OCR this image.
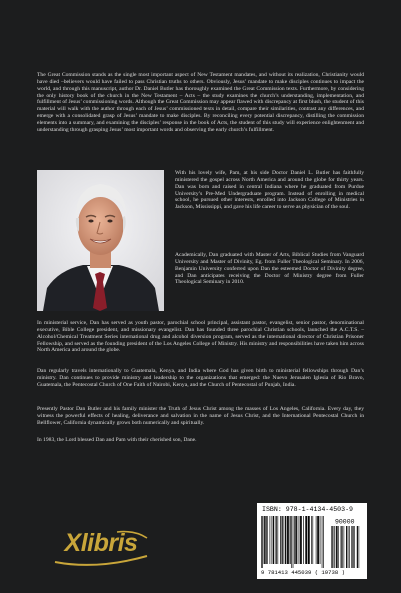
The Great Commission stands as the single most important aspect of New Testament mandates, and without its realization, Christianity would have died –believers would have failed to pass Christian truths to others. Obviously, Jesus’ mandate to make disciples continues to impact the world, and through this manuscript, author Dr. Daniel Butler has thoroughly examined the Great Commission texts. Furthermore, by considering the only history book of the church in the New Testament – Acts – the study examines the church’s understanding, implementation, and fulfillment of Jesus’ commissioning words. Although the Great Commission may appear flawed with discrepancy at first blush, the student of this material will walk with the author through each of Jesus’ commissioned texts in detail, compare their similarities, contrast any differences, and emerge with a consolidated grasp of Jesus’ mandate to make disciples. By reconciling every potential discrepancy, distilling the commission elements into a summary, and examining the disciples’ response in the book of Acts, the student of this study will experience enlightenment and understanding through grasping Jesus’ most important words and observing the early church’s fulfillment.

With his lovely wife, Pam, at his side Doctor Daniel L. Butler has faithfully ministered the gospel across North America and around the globe for thirty years. Dan was born and raised in central Indiana where he graduated from Purdue University’s Pre-Med Undergraduate program. Instead of enrolling in medical school, he pursued other interests, enrolled into Jackson College of Ministries in Jackson, Mississippi, and gave his life career to serve as physician of the soul.

Academically, Dan graduated with Master of Arts, Biblical Studies from Vanguard University and Master of Divinity, Eg. from Fuller Theological Seminary. In 2006, Benjamin University conferred upon Dan the esteemed Doctor of Divinity degree, and Dan anticipates receiving the Doctor of Ministry degree from Fuller Theological Seminary in 2010.

In ministerial service, Dan has served as youth pastor, parochial school principal, assistant pastor, evangelist, senior pastor, denominational executive, Bible College president, and missionary evangelist. Dan has founded three parochial Christian schools, launched the A.C.T.S. – Alcohol/Chemical Treatment Series international drug and alcohol diversion program, served as the international director of Christian Prisoner Fellowship, and served as the founding president of the Los Angeles College of Ministry. His ministry and responsibilities have taken him across North America and around the globe.

Dan regularly travels internationally to Guatemala, Kenya, and India where God has given birth to ministerial fellowships through Dan’s ministry. Dan continues to provide ministry and leadership to the organizations that emerged: the Nuevo Jerusalen Iglesia of Rio Bravo, Guatemala, the Pentecostal Church of One Faith of Nairobi, Kenya, and the Church of Pentecostal of Punjab, India.

Presently Pastor Dan Butler and his family minister the Truth of Jesus Christ among the masses of Los Angeles, California. Every day, they witness the powerful effects of healing, deliverance and salvation in the name of Jesus Christ, and the International Pentecostal Church in Bellflower, California dynamically grows both numerically and spiritually.

In 1983, the Lord blessed Dan and Pam with their cherished son, Dane.

Xlibris
ISBN: 978-1-4134-4503-9
90000
9 781413 445039 ( 19738 )
